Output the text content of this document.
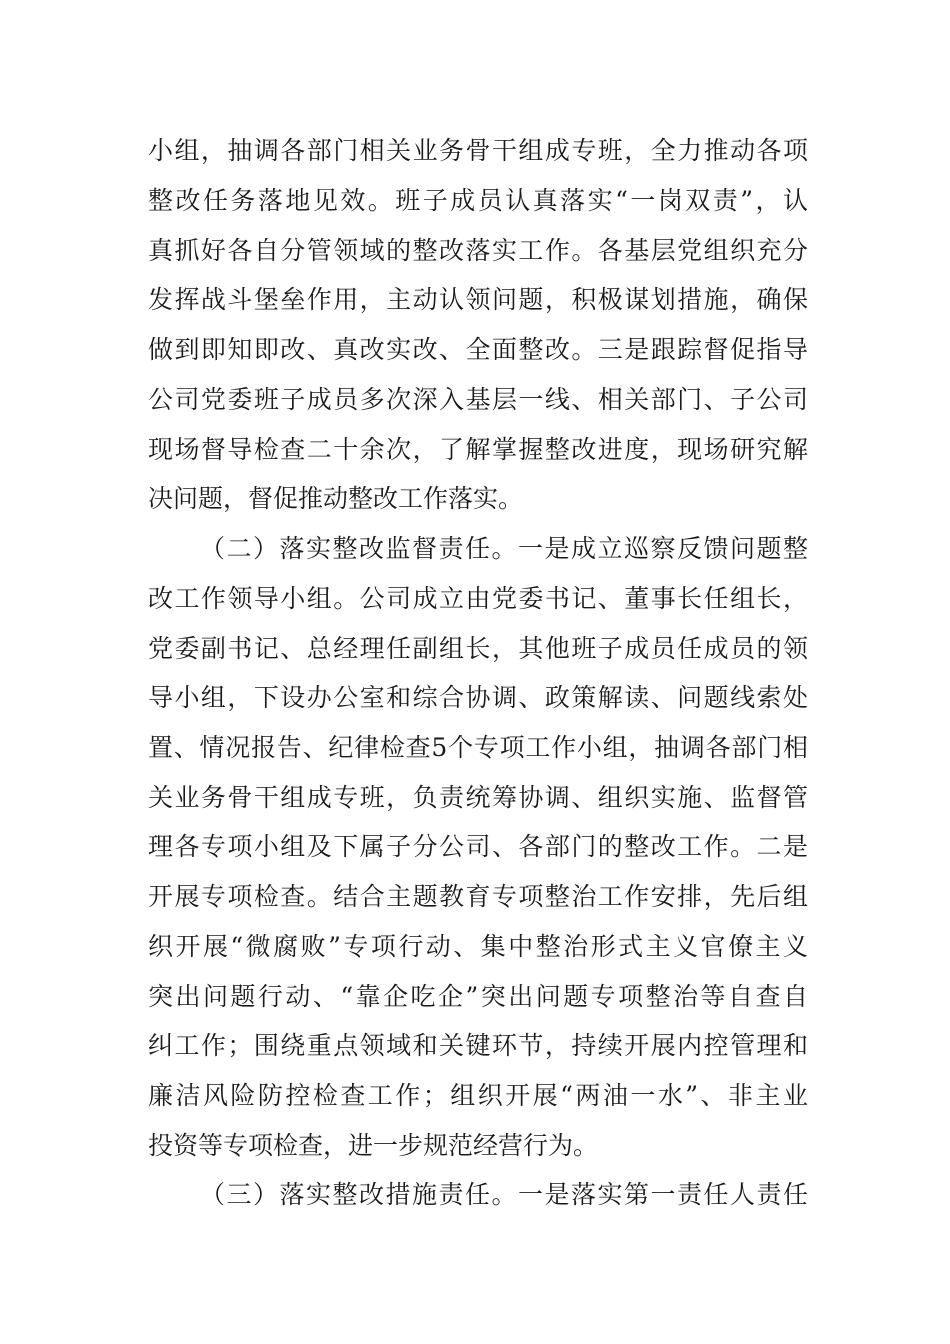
小组，抽调各部门相关业务骨干组成专班，全力推动各项
整改任务落地见效。班子成员认真落实“一岗双责”，认
真抓好各自分管领域的整改落实工作。各基层党组织充分
发挥战斗堡垒作用，主动认领问题，积极谋划措施，确保
做到即知即改、真改实改、全面整改。三是跟踪督促指导
公司党委班子成员多次深入基层一线、相关部门、子公司
现场督导检查二十余次，了解掌握整改进度，现场研究解
决问题，督促推动整改工作落实。
（二）落实整改监督责任。一是成立巡察反馈问题整
改工作领导小组。公司成立由党委书记、董事长任组长，
党委副书记、总经理任副组长，其他班子成员任成员的领
导小组，下设办公室和综合协调、政策解读、问题线索处
置、情况报告、纪律检查5个专项工作小组，抽调各部门相
关业务骨干组成专班，负责统筹协调、组织实施、监督管
理各专项小组及下属子分公司、各部门的整改工作。二是
开展专项检查。结合主题教育专项整治工作安排，先后组
织开展“微腐败”专项行动、集中整治形式主义官僚主义
突出问题行动、“靠企吃企”突出问题专项整治等自查自
纠工作；围绕重点领域和关键环节，持续开展内控管理和
廉洁风险防控检查工作；组织开展“两油一水”、非主业
投资等专项检查，进一步规范经营行为。
（三）落实整改措施责任。一是落实第一责任人责任
